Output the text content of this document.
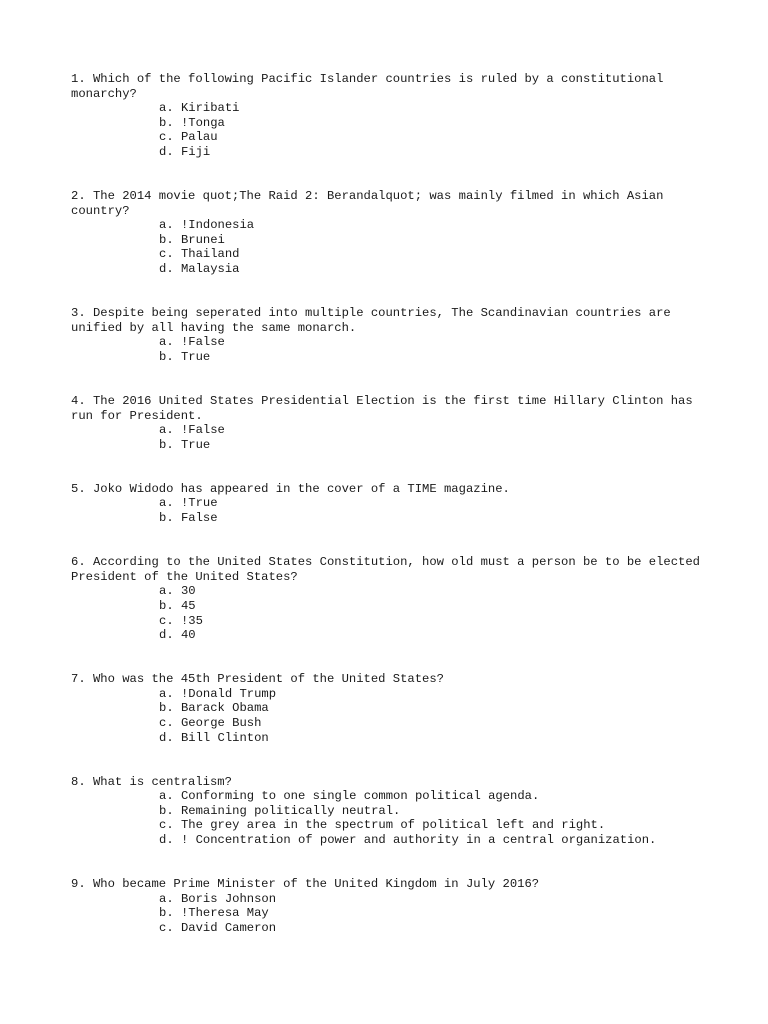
1. Which of the following Pacific Islander countries is ruled by a constitutional monarchy?
a. Kiribati
b. !Tonga
c. Palau
d. Fiji
2. The 2014 movie quot;The Raid 2: Berandalquot; was mainly filmed in which Asian country?
a. !Indonesia
b. Brunei
c. Thailand
d. Malaysia
3. Despite being seperated into multiple countries, The Scandinavian countries are unified by all having the same monarch.
a. !False
b. True
4. The 2016 United States Presidential Election is the first time Hillary Clinton has run for President.
a. !False
b. True
5. Joko Widodo has appeared in the cover of a TIME magazine.
a. !True
b. False
6. According to the United States Constitution, how old must a person be to be elected President of the United States?
a. 30
b. 45
c. !35
d. 40
7. Who was the 45th President of the United States?
a. !Donald Trump
b. Barack Obama
c. George Bush
d. Bill Clinton
8. What is centralism?
a. Conforming to one single common political agenda.
b. Remaining politically neutral.
c. The grey area in the spectrum of political left and right.
d. ! Concentration of power and authority in a central organization.
9. Who became Prime Minister of the United Kingdom in July 2016?
a. Boris Johnson
b. !Theresa May
c. David Cameron
